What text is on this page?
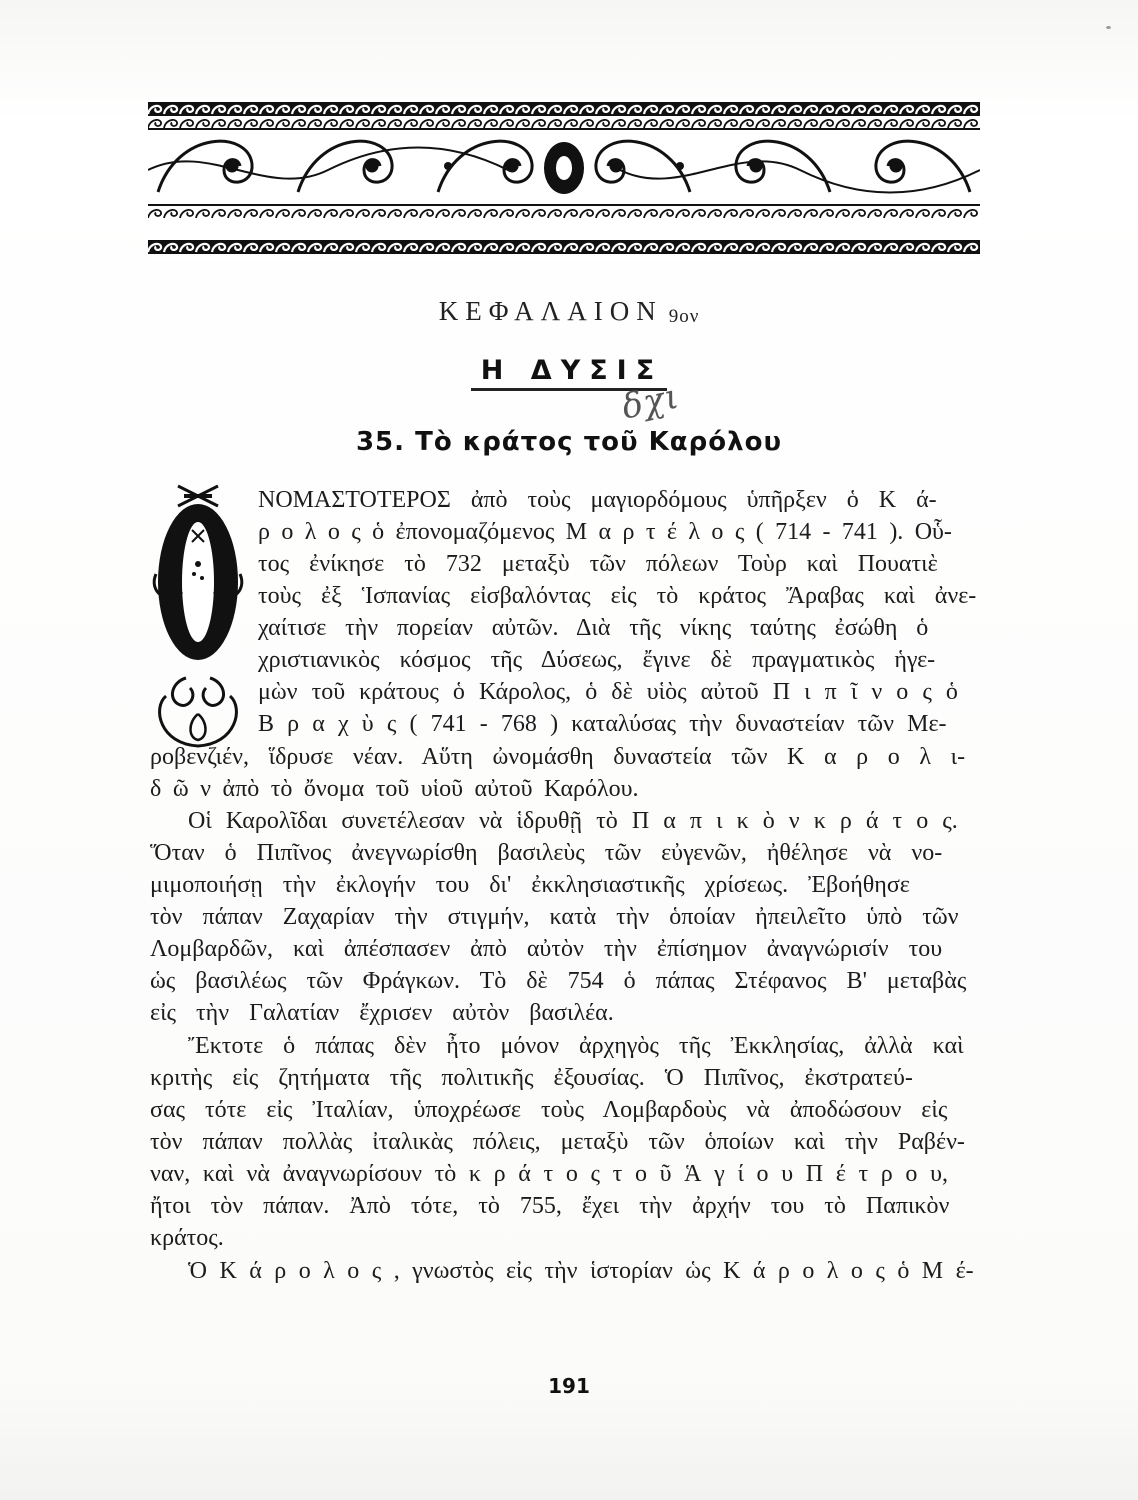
ΚΕΦΑΛΑΙΟΝ 9ον
Η ΔΥΣΙΣ
δχι
35. Τὸ κράτος τοῦ Καρόλου
ΝΟΜΑΣΤΟΤΕΡΟΣ ἀπὸ τοὺς μαγιορδόμους ὑπῆρξεν ὁ Κ ά-
ρ ο λ ο ς ὁ ἐπονομαζόμενος Μ α ρ τ έ λ ο ς ( 714 - 741 ). Οὗ-
τος ἐνίκησε τὸ 732 μεταξὺ τῶν πόλεων Τοὺρ καὶ Πουατιὲ
τοὺς ἐξ Ἱσπανίας εἰσβαλόντας εἰς τὸ κράτος Ἄραβας καὶ ἀνε-
χαίτισε τὴν πορείαν αὐτῶν. Διὰ τῆς νίκης ταύτης ἐσώθη ὁ
χριστιανικὸς κόσμος τῆς Δύσεως, ἔγινε δὲ πραγματικὸς ἡγε-
μὼν τοῦ κράτους ὁ Κάρολος, ὁ δὲ υἱὸς αὐτοῦ Π ι π ῖ ν ο ς ὁ
Β ρ α χ ὺ ς ( 741 - 768 ) καταλύσας τὴν δυναστείαν τῶν Με-
ροβενζιέν, ἵδρυσε νέαν. Αὕτη ὠνομάσθη δυναστεία τῶν Κ α ρ ο λ ι-
δ ῶ ν ἀπὸ τὸ ὄνομα τοῦ υἱοῦ αὐτοῦ Καρόλου.
Οἱ Καρολῖδαι συνετέλεσαν νὰ ἱδρυθῇ τὸ Π α π ι κ ὸ ν κ ρ ά τ ο ς.
Ὅταν ὁ Πιπῖνος ἀνεγνωρίσθη βασιλεὺς τῶν εὐγενῶν, ἠθέλησε νὰ νο-
μιμοποιήσῃ τὴν ἐκλογήν του δι' ἐκκλησιαστικῆς χρίσεως. Ἐβοήθησε
τὸν πάπαν Ζαχαρίαν τὴν στιγμήν, κατὰ τὴν ὁποίαν ἠπειλεῖτο ὑπὸ τῶν
Λομβαρδῶν, καὶ ἀπέσπασεν ἀπὸ αὐτὸν τὴν ἐπίσημον ἀναγνώρισίν του
ὡς βασιλέως τῶν Φράγκων. Τὸ δὲ 754 ὁ πάπας Στέφανος Β' μεταβὰς
εἰς τὴν Γαλατίαν ἔχρισεν αὐτὸν βασιλέα.
Ἔκτοτε ὁ πάπας δὲν ἦτο μόνον ἀρχηγὸς τῆς Ἐκκλησίας, ἀλλὰ καὶ
κριτὴς εἰς ζητήματα τῆς πολιτικῆς ἐξουσίας. Ὁ Πιπῖνος, ἐκστρατεύ-
σας τότε εἰς Ἰταλίαν, ὑποχρέωσε τοὺς Λομβαρδοὺς νὰ ἀποδώσουν εἰς
τὸν πάπαν πολλὰς ἰταλικὰς πόλεις, μεταξὺ τῶν ὁποίων καὶ τὴν Ραβέν-
ναν, καὶ νὰ ἀναγνωρίσουν τὸ κ ρ ά τ ο ς τ ο ῦ Ἁ γ ί ο υ Π έ τ ρ ο υ,
ἤτοι τὸν πάπαν. Ἀπὸ τότε, τὸ 755, ἔχει τὴν ἀρχήν του τὸ Παπικὸν
κράτος.
Ὁ Κ ά ρ ο λ ο ς , γνωστὸς εἰς τὴν ἱστορίαν ὡς Κ ά ρ ο λ ο ς ὁ Μ έ-
191
